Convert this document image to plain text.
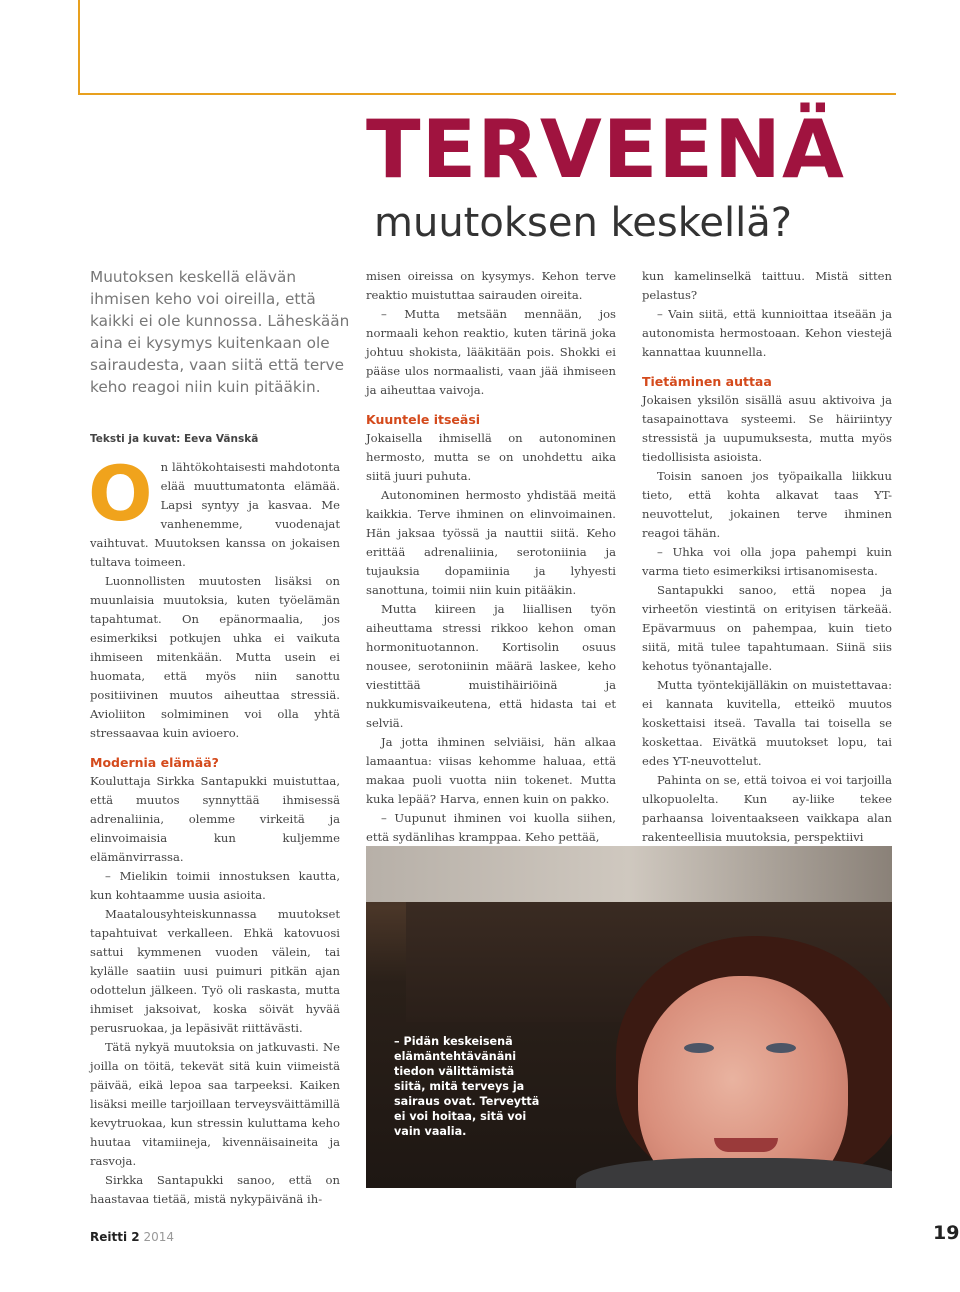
TERVEENÄ
muutoksen keskellä?

Muutoksen keskellä elävän ihmisen keho voi oireilla, että kaikki ei ole kunnossa. Läheskään aina ei kysymys kuitenkaan ole sairaudesta, vaan siitä että terve keho reagoi niin kuin pitääkin.

Teksti ja kuvat: Eeva Vänskä

On lähtökohtaisesti mahdotonta elää muuttumatonta elämää. Lapsi syntyy ja kasvaa. Me vanhenemme, vuodenajat vaihtuvat. Muutoksen kanssa on jokaisen tultava toimeen.

Luonnollisten muutosten lisäksi on muunlaisia muutoksia, kuten työelämän tapahtumat. On epänormaalia, jos esimerkiksi potkujen uhka ei vaikuta ihmiseen mitenkään. Mutta usein ei huomata, että myös niin sanottu positiivinen muutos aiheuttaa stressiä. Avioliiton solmiminen voi olla yhtä stressaavaa kuin avioero.

Modernia elämää?

Kouluttaja Sirkka Santapukki muistuttaa, että muutos synnyttää ihmisessä adrenaliinia, olemme virkeitä ja elinvoimaisia kun kuljemme elämänvirrassa.

– Mielikin toimii innostuksen kautta, kun kohtaamme uusia asioita.

Maatalousyhteiskunnassa muutokset tapahtuivat verkalleen. Ehkä katovuosi sattui kymmenen vuoden välein, tai kylälle saatiin uusi puimuri pitkän ajan odottelun jälkeen. Työ oli raskasta, mutta ihmiset jaksoivat, koska söivät hyvää perusruokaa, ja lepäsivät riittävästi.

Tätä nykyä muutoksia on jatkuvasti. Ne joilla on töitä, tekevät sitä kuin viimeistä päivää, eikä lepoa saa tarpeeksi. Kaiken lisäksi meille tarjoillaan terveysväittämillä kevytruokaa, kun stressin kuluttama keho huutaa vitamiineja, kivennäisaineita ja rasvoja.

Sirkka Santapukki sanoo, että on haastavaa tietää, mistä nykypäivänä ih-

misen oireissa on kysymys. Kehon terve reaktio muistuttaa sairauden oireita.

– Mutta metsään mennään, jos normaali kehon reaktio, kuten tärinä joka johtuu shokista, lääkitään pois. Shokki ei pääse ulos normaalisti, vaan jää ihmiseen ja aiheuttaa vaivoja.

Kuuntele itseäsi

Jokaisella ihmisellä on autonominen hermosto, mutta se on unohdettu aika siitä juuri puhuta.

Autonominen hermosto yhdistää meitä kaikkia. Terve ihminen on elinvoimainen. Hän jaksaa työssä ja nauttii siitä. Keho erittää adrenaliinia, serotoniinia ja tujauksia dopamiinia ja lyhyesti sanottuna, toimii niin kuin pitääkin.

Mutta kiireen ja liiallisen työn aiheuttama stressi rikkoo kehon oman hormonituotannon. Kortisolin osuus nousee, serotoniinin määrä laskee, keho viestittää muistihäiriöinä ja nukkumisvaikeutena, että hidasta tai et selviä.

Ja jotta ihminen selviäisi, hän alkaa lamaantua: viisas kehomme haluaa, että makaa puoli vuotta niin tokenet. Mutta kuka lepää? Harva, ennen kuin on pakko.

– Uupunut ihminen voi kuolla siihen, että sydänlihas kramppaa. Keho pettää,

kun kamelinselkä taittuu. Mistä sitten pelastus?

– Vain siitä, että kunnioittaa itseään ja autonomista hermostoaan. Kehon viestejä kannattaa kuunnella.

Tietäminen auttaa

Jokaisen yksilön sisällä asuu aktivoiva ja tasapainottava systeemi. Se häiriintyy stressistä ja uupumuksesta, mutta myös tiedollisista asioista.

Toisin sanoen jos työpaikalla liikkuu tieto, että kohta alkavat taas YT-neuvottelut, jokainen terve ihminen reagoi tähän.

– Uhka voi olla jopa pahempi kuin varma tieto esimerkiksi irtisanomisesta.

Santapukki sanoo, että nopea ja virheetön viestintä on erityisen tärkeää. Epävarmuus on pahempaa, kuin tieto siitä, mitä tulee tapahtumaan. Siinä siis kehotus työnantajalle.

Mutta työntekijälläkin on muistettavaa: ei kannata kuvitella, etteikö muutos koskettaisi itseä. Tavalla tai toisella se koskettaa. Eivätkä muutokset lopu, tai edes YT-neuvottelut.

Pahinta on se, että toivoa ei voi tarjoilla ulkopuolelta. Kun ay-liike tekee parhaansa loiventaakseen vaikkapa alan rakenteellisia muutoksia, perspektiivi

– Pidän keskeisenä elämäntehtävänäni tiedon välittämistä siitä, mitä terveys ja sairaus ovat. Terveyttä ei voi hoitaa, sitä voi vain vaalia.

Reitti 2 2014	19
